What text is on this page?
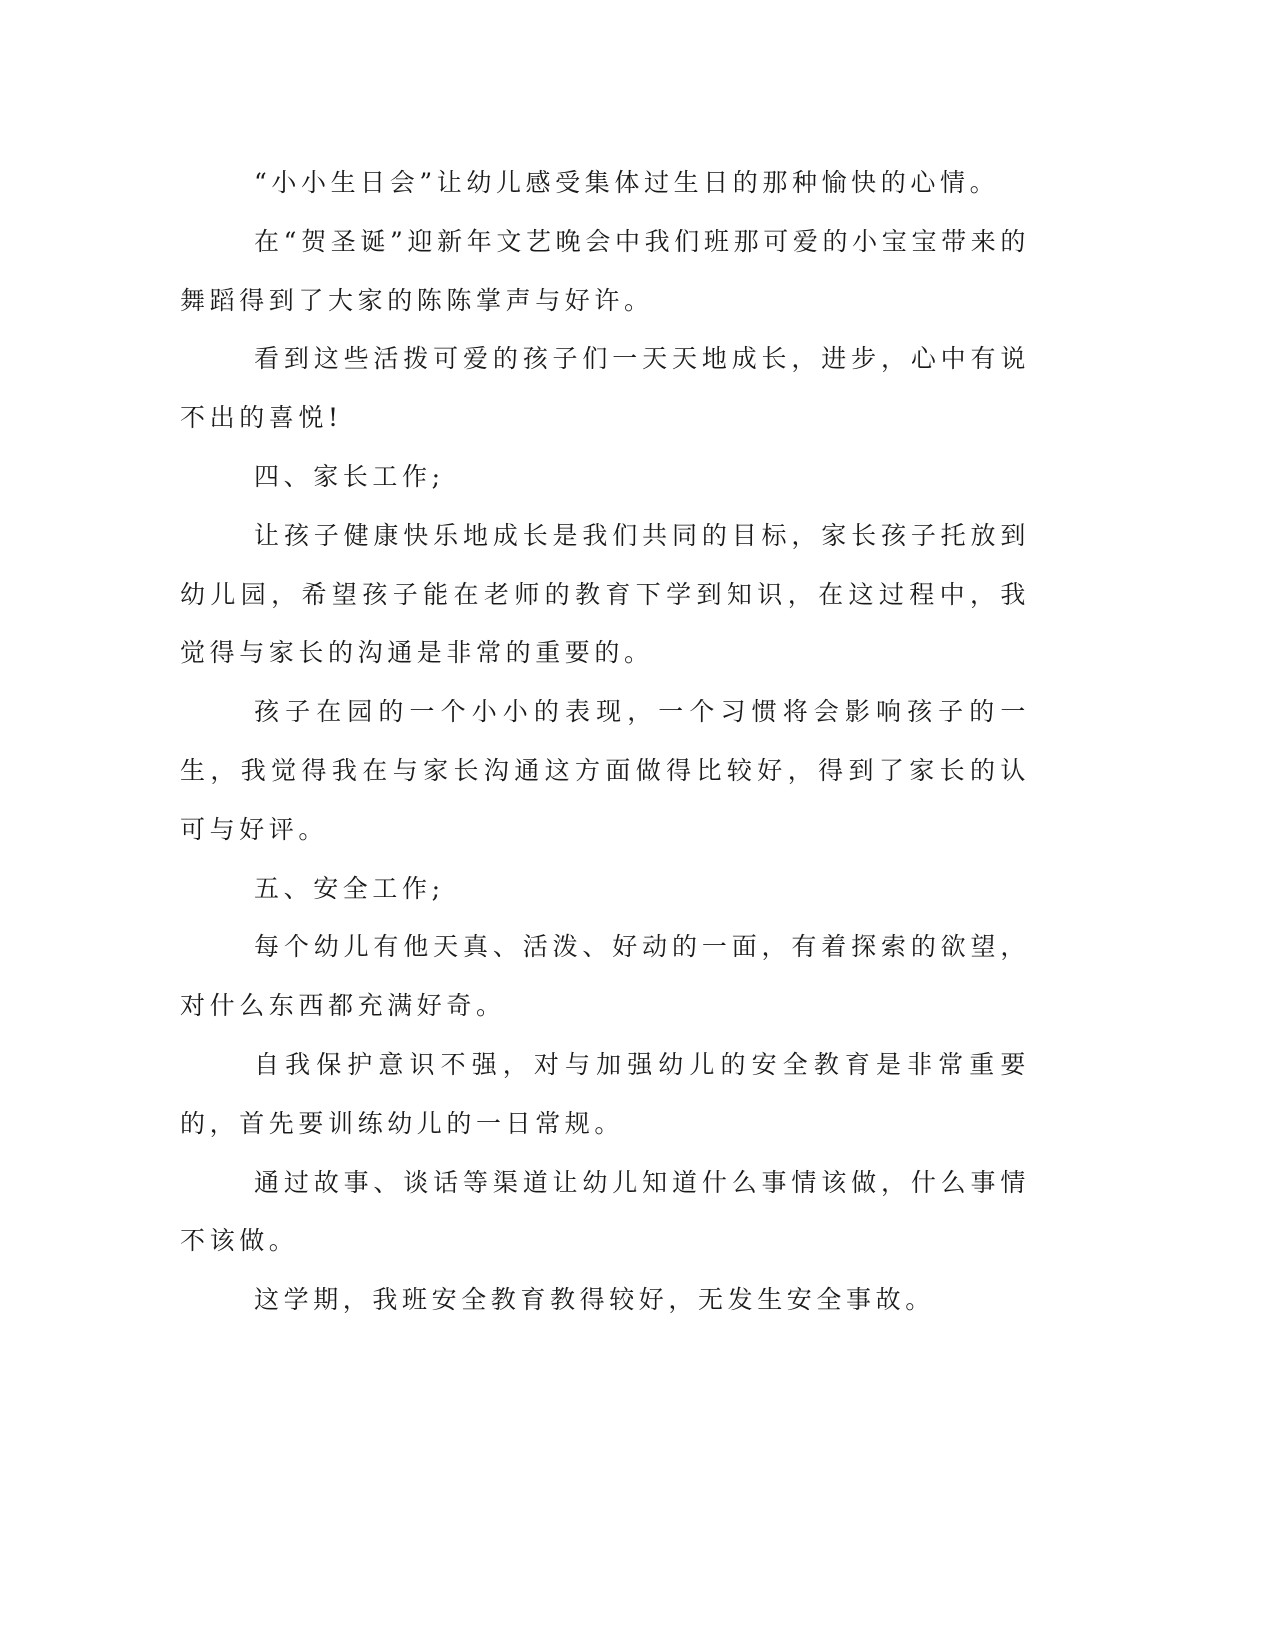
“小小生日会”让幼儿感受集体过生日的那种愉快的心情。

在“贺圣诞”迎新年文艺晚会中我们班那可爱的小宝宝带来的舞蹈得到了大家的陈陈掌声与好许。

看到这些活拨可爱的孩子们一天天地成长，进步，心中有说不出的喜悦!

四、家长工作;

让孩子健康快乐地成长是我们共同的目标，家长孩子托放到幼儿园，希望孩子能在老师的教育下学到知识，在这过程中，我觉得与家长的沟通是非常的重要的。

孩子在园的一个小小的表现，一个习惯将会影响孩子的一生，我觉得我在与家长沟通这方面做得比较好，得到了家长的认可与好评。

五、安全工作;

每个幼儿有他天真、活泼、好动的一面，有着探索的欲望，对什么东西都充满好奇。

自我保护意识不强，对与加强幼儿的安全教育是非常重要的，首先要训练幼儿的一日常规。

通过故事、谈话等渠道让幼儿知道什么事情该做，什么事情不该做。

这学期，我班安全教育教得较好，无发生安全事故。
